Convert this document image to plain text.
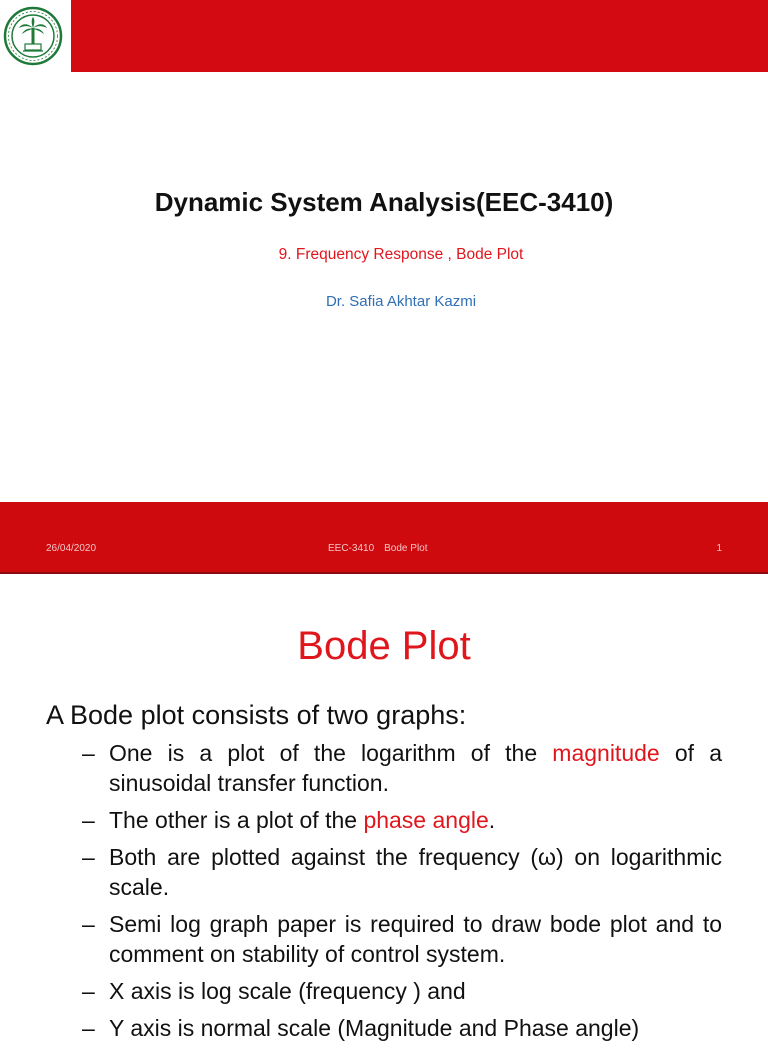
Dynamic System Analysis(EEC-3410)
9. Frequency Response , Bode Plot
Dr. Safia Akhtar Kazmi
26/04/2020	EEC-3410 Bode Plot	1
Bode Plot
A Bode plot consists of two graphs:
– One is a plot of the logarithm of the magnitude of a sinusoidal transfer function.
– The other is a plot of the phase angle.
– Both are plotted against the frequency (ω) on logarithmic scale.
– Semi log graph paper is required to draw bode plot and to comment on stability of control system.
– X axis is log scale (frequency ) and
– Y axis is normal scale (Magnitude and Phase angle)
